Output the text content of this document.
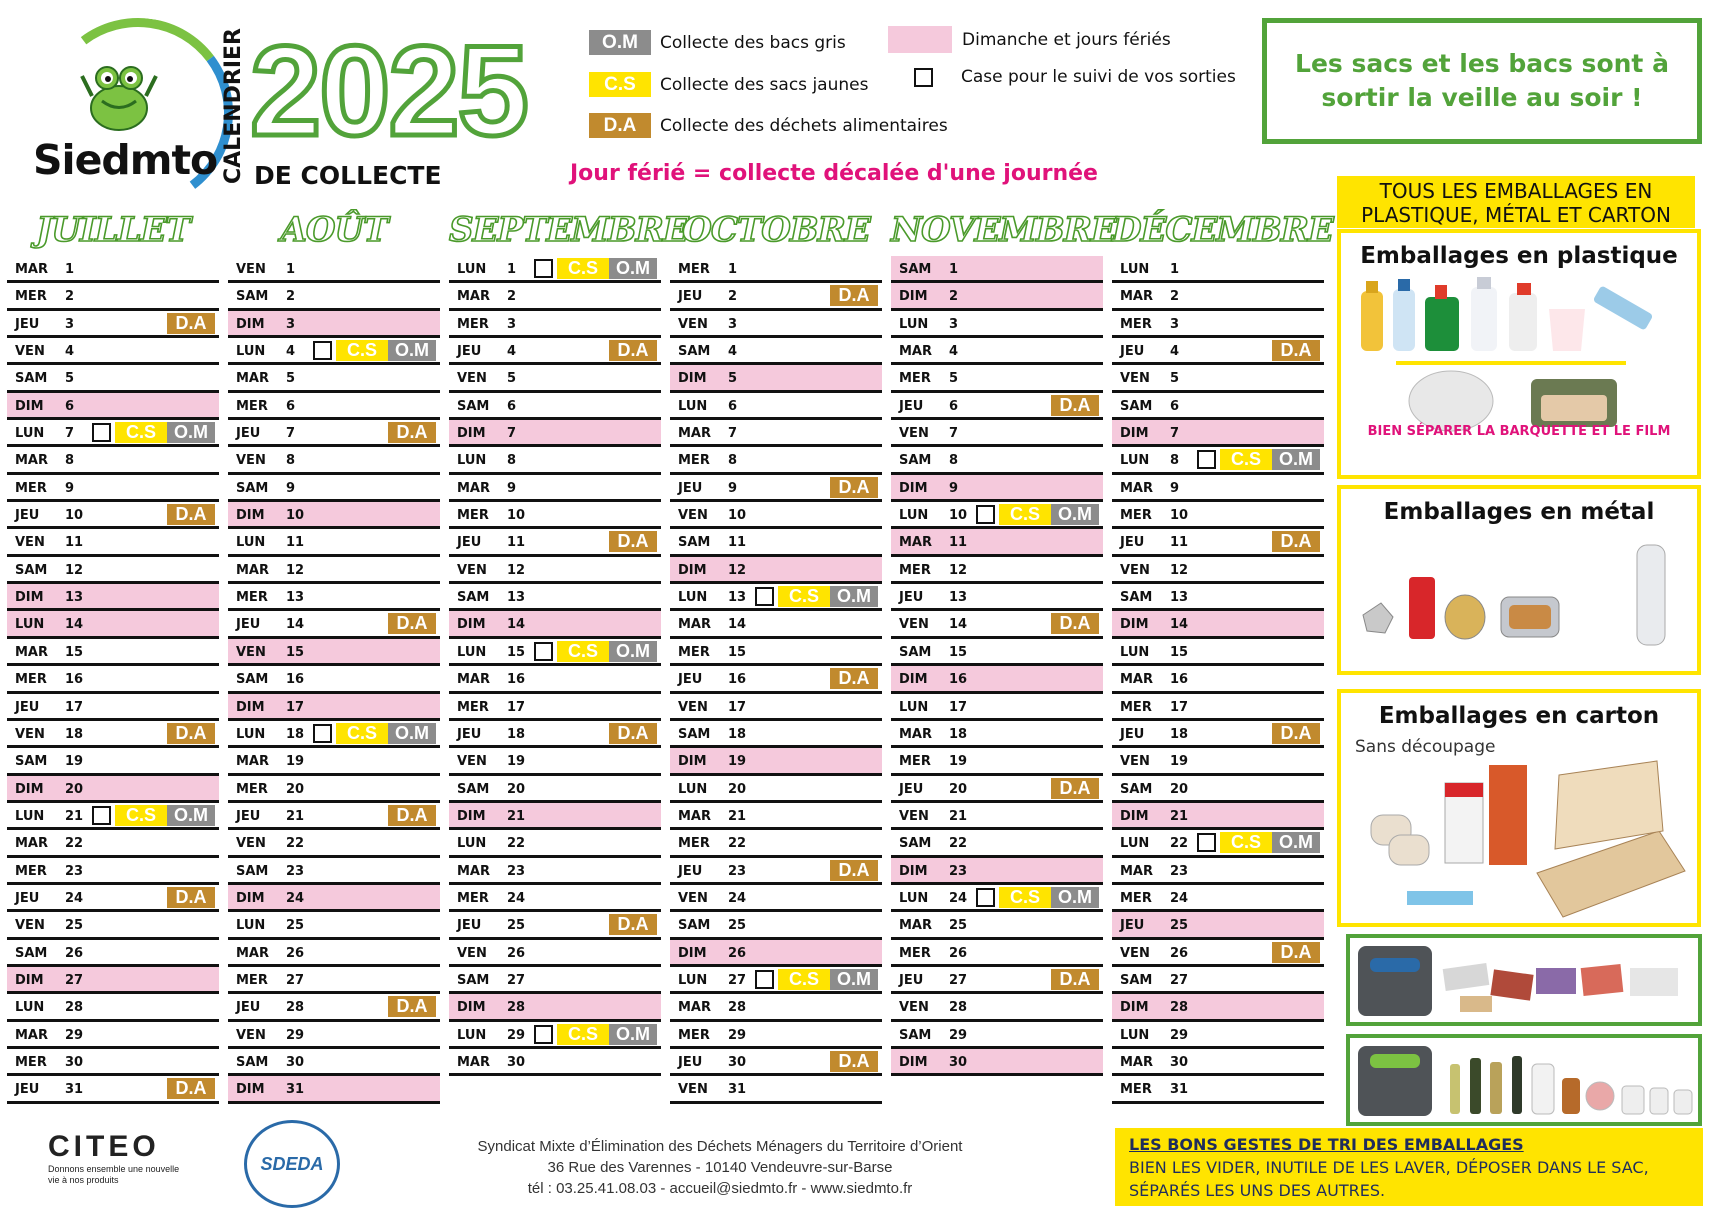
Siedmto CALENDRIER 2025
DE COLLECTE
O.M	Collecte des bacs gris
C.S	Collecte des sacs jaunes
D.A	Collecte des déchets alimentaires
Dimanche et jours fériés
Case pour le suivi de vos sorties
Jour férié = collecte décalée d'une journée
Les sacs et les bacs sont à sortir la veille au soir !
JUILLET
MAR 1
MER 2
JEU 3	D.A
VEN 4
SAM 5
DIM 6
LUN 7	C.S	O.M
MAR 8
MER 9
JEU 10	D.A
VEN 11
SAM 12
DIM 13
LUN 14
MAR 15
MER 16
JEU 17
VEN 18	D.A
SAM 19
DIM 20
LUN 21	C.S	O.M
MAR 22
MER 23
JEU 24	D.A
VEN 25
SAM 26
DIM 27
LUN 28
MAR 29
MER 30
JEU 31	D.A
AOÛT
VEN 1
SAM 2
DIM 3
LUN 4	C.S	O.M
MAR 5
MER 6
JEU 7	D.A
VEN 8
SAM 9
DIM 10
LUN 11
MAR 12
MER 13
JEU 14	D.A
VEN 15
SAM 16
DIM 17
LUN 18	C.S	O.M
MAR 19
MER 20
JEU 21	D.A
VEN 22
SAM 23
DIM 24
LUN 25
MAR 26
MER 27
JEU 28	D.A
VEN 29
SAM 30
DIM 31
SEPTEMBRE
LUN 1	C.S	O.M
MAR 2
MER 3
JEU 4	D.A
VEN 5
SAM 6
DIM 7
LUN 8
MAR 9
MER 10
JEU 11	D.A
VEN 12
SAM 13
DIM 14
LUN 15	C.S	O.M
MAR 16
MER 17
JEU 18	D.A
VEN 19
SAM 20
DIM 21
LUN 22
MAR 23
MER 24
JEU 25	D.A
VEN 26
SAM 27
DIM 28
LUN 29	C.S	O.M
MAR 30
OCTOBRE
MER 1
JEU 2	D.A
VEN 3
SAM 4
DIM 5
LUN 6
MAR 7
MER 8
JEU 9	D.A
VEN 10
SAM 11
DIM 12
LUN 13	C.S	O.M
MAR 14
MER 15
JEU 16	D.A
VEN 17
SAM 18
DIM 19
LUN 20
MAR 21
MER 22
JEU 23	D.A
VEN 24
SAM 25
DIM 26
LUN 27	C.S	O.M
MAR 28
MER 29
JEU 30	D.A
VEN 31
NOVEMBRE
SAM 1
DIM 2
LUN 3
MAR 4
MER 5
JEU 6	D.A
VEN 7
SAM 8
DIM 9
LUN 10	C.S	O.M
MAR 11
MER 12
JEU 13
VEN 14	D.A
SAM 15
DIM 16
LUN 17
MAR 18
MER 19
JEU 20	D.A
VEN 21
SAM 22
DIM 23
LUN 24	C.S	O.M
MAR 25
MER 26
JEU 27	D.A
VEN 28
SAM 29
DIM 30
DÉCEMBRE
LUN 1
MAR 2
MER 3
JEU 4	D.A
VEN 5
SAM 6
DIM 7
LUN 8	C.S	O.M
MAR 9
MER 10
JEU 11	D.A
VEN 12
SAM 13
DIM 14
LUN 15
MAR 16
MER 17
JEU 18	D.A
VEN 19
SAM 20
DIM 21
LUN 22	C.S	O.M
MAR 23
MER 24
JEU 25
VEN 26	D.A
SAM 27
DIM 28
LUN 29
MAR 30
MER 31
TOUS LES EMBALLAGES EN PLASTIQUE, MÉTAL ET CARTON
Emballages en plastique
BIEN SÉPARER LA BARQUETTE ET LE FILM
Emballages en métal
Emballages en carton
Sans découpage
LES BONS GESTES DE TRI DES EMBALLAGES
BIEN LES VIDER, INUTILE DE LES LAVER, DÉPOSER DANS LE SAC,
SÉPARÉS LES UNS DES AUTRES.
Syndicat Mixte d’Élimination des Déchets Ménagers du Territoire d’Orient
36 Rue des Varennes - 10140 Vendeuvre-sur-Barse
tél : 03.25.41.08.03 - accueil@siedmto.fr - www.siedmto.fr
CITEO
Donnons ensemble une nouvelle vie à nos produits
SDEDA
